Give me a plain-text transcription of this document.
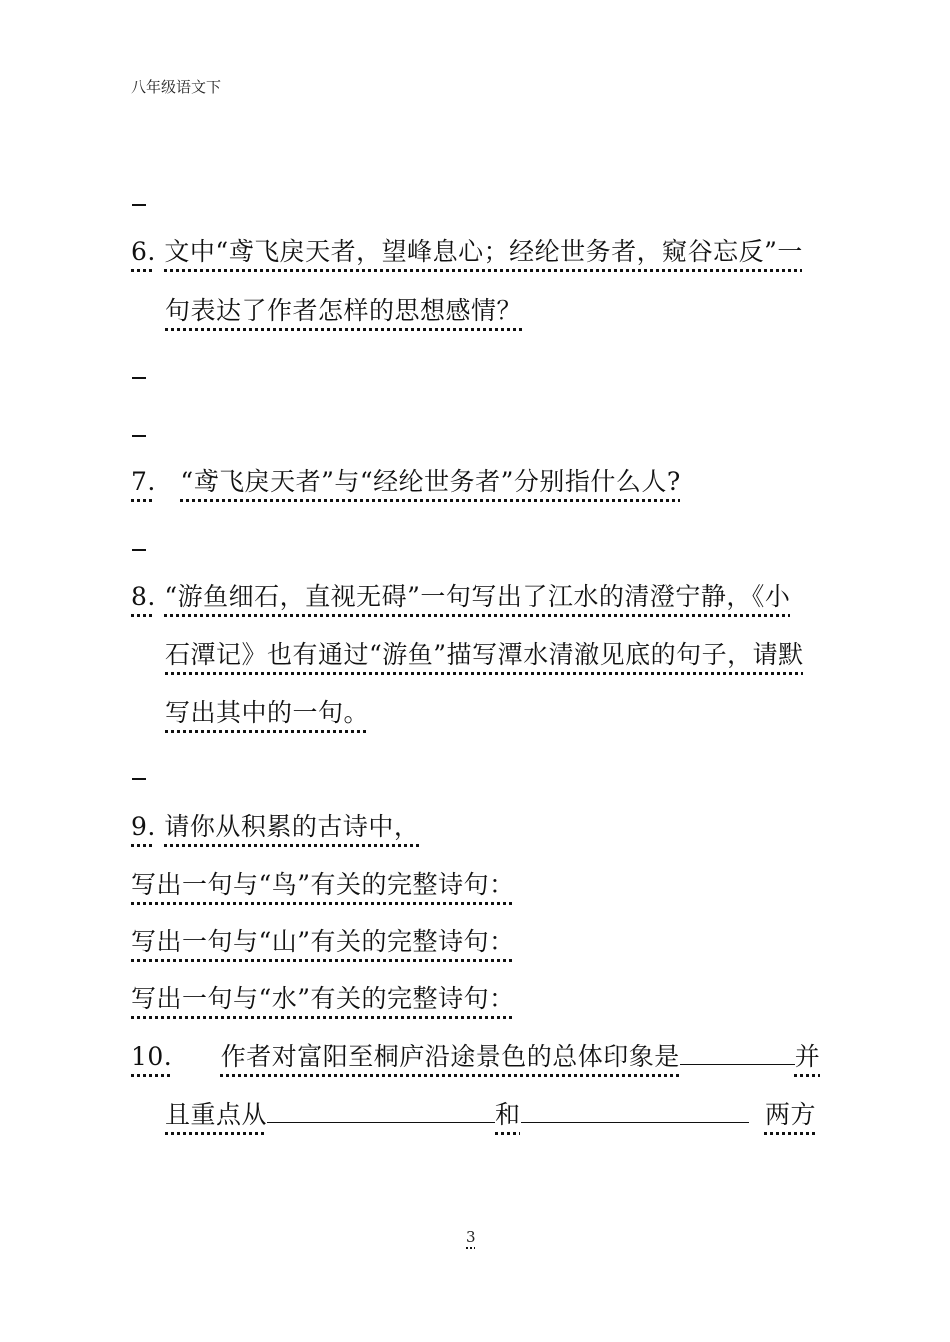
八年级语文下
6. 文中“鸢飞戾天者，望峰息心；经纶世务者，窥谷忘反”一
句表达了作者怎样的思想感情？
7. “鸢飞戾天者”与“经纶世务者”分别指什么人?
8. “游鱼细石，直视无碍”一句写出了江水的清澄宁静，《小
石潭记》也有通过“游鱼”描写潭水清澈见底的句子，请默
写出其中的一句。
9. 请你从积累的古诗中，
写出一句与“鸟”有关的完整诗句：
写出一句与“山”有关的完整诗句：
写出一句与“水”有关的完整诗句：
10. 作者对富阳至桐庐沿途景色的总体印象是	并
且重点从	和	两方
3
